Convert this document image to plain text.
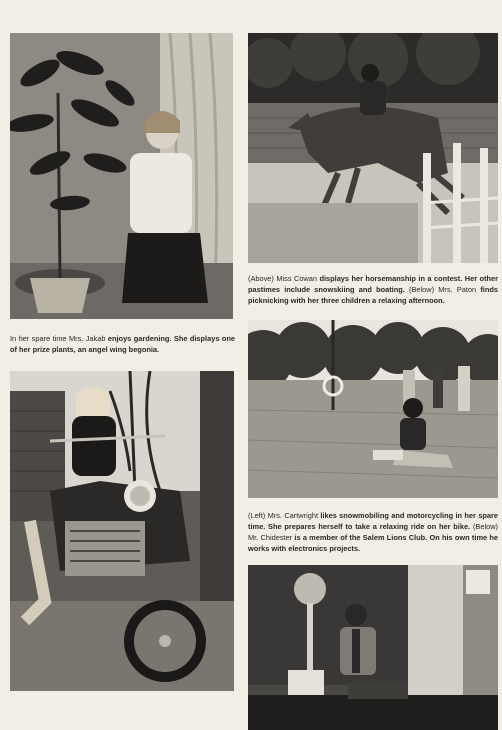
In her spare time Mrs. Jakab enjoys gardening. She displays one of her prize plants, an angel wing begonia.

(Above) Miss Cowan displays her horsemanship in a contest. Her other pastimes include snowskiing and boating. (Below) Mrs. Paton finds picknicking with her three children a relaxing afternoon.

(Left) Mrs. Cartwright likes snowmobiling and motorcycling in her spare time. She prepares herself to take a relaxing ride on her bike. (Below) Mr. Chidester is a member of the Salem Lions Club. On his own time he works with electronics projects.
